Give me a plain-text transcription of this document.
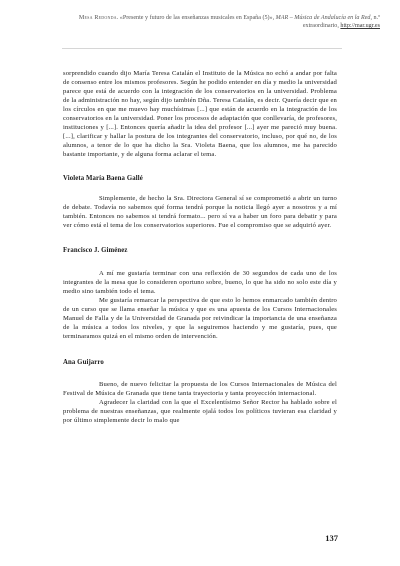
Mesa Redonda. «Presente y futuro de las enseñanzas musicales en España (5)», MAR – Música de Andalucía en la Red, n.º extraordinario, http://mar.ugr.es

sorprendido cuando dijo María Teresa Catalán el Instituto de la Música no echó a andar por falta de consenso entre los mismos profesores. Según he podido entender en día y medio la universidad parece que está de acuerdo con la integración de los conservatorios en la universidad. Problema de la administración no hay, según dijo también Dña. Teresa Catalán, es decir. Quería decir que en los círculos en que me muevo hay muchísimas [...] que están de acuerdo en la integración de los conservatorios en la universidad. Poner los procesos de adaptación que conllevaría, de profesores, instituciones y [...]. Entonces quería añadir la idea del profesor [...] ayer me pareció muy buena. [...], clarificar y hallar la postura de los integrantes del conservatorio, incluso, por qué no, de los alumnos, a tenor de lo que ha dicho la Sra. Violeta Baena, que los alumnos, me ha parecido bastante importante, y de alguna forma aclarar el tema.

Violeta María Baena Gallé

Simplemente, de hecho la Sra. Directora General sí se comprometió a abrir un turno de debate. Todavía no sabemos qué forma tendrá porque la noticia llegó ayer a nosotros y a mí también. Entonces no sabemos si tendrá formato... pero sí va a haber un foro para debatir y para ver cómo está el tema de los conservatorios superiores. Fue el compromiso que se adquirió ayer.

Francisco J. Giménez

A mí me gustaría terminar con una reflexión de 30 segundos de cada uno de los integrantes de la mesa que lo consideren oportuno sobre, bueno, lo que ha sido no solo este día y medio sino también todo el tema.

Me gustaría remarcar la perspectiva de que esto lo hemos enmarcado también dentro de un curso que se llama enseñar la música y que es una apuesta de los Cursos Internacionales Manuel de Falla y de la Universidad de Granada por reivindicar la importancia de una enseñanza de la música a todos los niveles, y que la seguiremos haciendo y me gustaría, pues, que terminaramos quizá en el mismo orden de intervención.

Ana Guijarro

Bueno, de nuevo felicitar la propuesta de los Cursos Internacionales de Música del Festival de Música de Granada que tiene tanta trayectoria y tanta proyección internacional.

Agradecer la claridad con la que el Excelentísimo Señor Rector ha hablado sobre el problema de nuestras enseñanzas, que realmente ojalá todos los políticos tuvieran esa claridad y por último simplemente decir lo malo que

137
